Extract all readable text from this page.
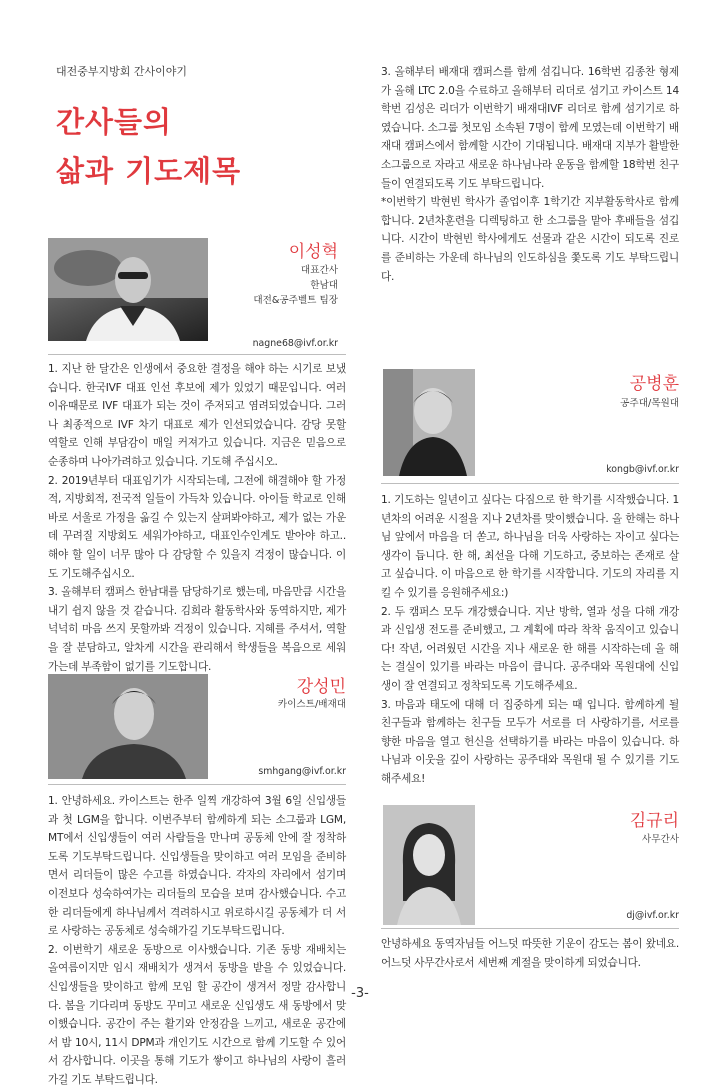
대전중부지방회 간사이야기
간사들의
삶과 기도제목
이성혁
대표간사
한남대
대전&공주벨트 팀장
nagne68@ivf.or.kr

1. 지난 한 달간은 인생에서 중요한 결정을 해야 하는 시기로 보냈습니다. 한국IVF 대표 인선 후보에 제가 있었기 때문입니다. 여러 이유때문로 IVF 대표가 되는 것이 주저되고 염려되었습니다. 그러나 최종적으로 IVF 차기 대표로 제가 인선되었습니다. 감당 못할 역할로 인해 부담감이 매일 커져가고 있습니다. 지금은 믿음으로 순종하며 나아가려하고 있습니다. 기도해 주십시오.

2. 2019년부터 대표임기가 시작되는데, 그전에 해결해야 할 가정적, 지방회적, 전국적 일들이 가득차 있습니다. 아이들 학교로 인해 바로 서울로 가정을 옮길 수 있는지 살펴봐야하고, 제가 없는 가운데 꾸려질 지방회도 세워가야하고, 대표인수인계도 받아야 하고.. 해야 할 일이 너무 많아 다 감당할 수 있을지 걱정이 많습니다. 이도 기도해주십시오.

3. 올해부터 캠퍼스 한남대를 담당하기로 했는데, 마음만큼 시간을 내기 쉽지 않을 것 같습니다. 김희라 활동학사와 동역하지만, 제가 넉넉히 마음 쓰지 못할까봐 걱정이 있습니다. 지혜를 주셔서, 역할을 잘 분담하고, 알차게 시간을 관리해서 학생들을 복음으로 세워 가는데 부족함이 없기를 기도합니다.

강성민
카이스트/배재대
smhgang@ivf.or.kr

1. 안녕하세요. 카이스트는 한주 일찍 개강하여 3월 6일 신입생들과 첫 LGM을 합니다. 이번주부터 함께하게 되는 소그룹과 LGM, MT에서 신입생들이 여러 사람들을 만나며 공동체 안에 잘 정착하도록 기도부탁드립니다. 신입생들을 맞이하고 여러 모임을 준비하면서 리더들이 많은 수고를 하였습니다. 각자의 자리에서 섬기며 이전보다 성숙하여가는 리더들의 모습을 보며 감사했습니다. 수고한 리더들에게 하나님께서 격려하시고 위로하시길 공동체가 더 서로 사랑하는 공동체로 성숙해가길 기도부탁드립니다.

2. 이번학기 새로운 동방으로 이사했습니다. 기존 동방 재배치는 올여름이지만 임시 재배치가 생겨서 동방을 받을 수 있었습니다. 신입생들을 맞이하고 함께 모임 할 공간이 생겨서 정말 감사합니다. 봄을 기다리며 동방도 꾸미고 새로운 신입생도 새 동방에서 맞이했습니다. 공간이 주는 활기와 안정감을 느끼고, 새로운 공간에서 밤 10시, 11시 DPM과 개인기도 시간으로 함께 기도할 수 있어서 감사합니다. 이곳을 통해 기도가 쌓이고 하나님의 사랑이 흘러가길 기도 부탁드립니다.

3. 올해부터 배재대 캠퍼스를 함께 섬깁니다. 16학번 김종찬 형제가 올해 LTC 2.0을 수료하고 올해부터 리더로 섬기고 카이스트 14학번 김성은 리더가 이번학기 배재대IVF 리더로 함께 섬기기로 하였습니다. 소그룹 첫모임 소속된 7명이 함께 모였는데 이번학기 배재대 캠퍼스에서 함께할 시간이 기대됩니다. 배재대 지부가 활발한 소그룹으로 자라고 새로운 하나님나라 운동을 함께할 18학번 친구들이 연결되도록 기도 부탁드립니다.

*이번학기 박현빈 학사가 졸업이후 1학기간 지부활동학사로 함께 합니다. 2년차훈련을 디렉팅하고 한 소그룹을 맡아 후배들을 섬깁니다. 시간이 박현빈 학사에게도 선물과 같은 시간이 되도록 진로를 준비하는 가운데 하나님의 인도하심을 쫓도록 기도 부탁드립니다.

공병훈
공주대/목원대
kongb@ivf.or.kr

1. 기도하는 일년이고 싶다는 다짐으로 한 학기를 시작했습니다. 1년차의 어려운 시절을 지나 2년차를 맞이했습니다. 올 한해는 하나님 앞에서 마음을 더 쏟고, 하나님을 더욱 사랑하는 자이고 싶다는 생각이 듭니다. 한 해, 최선을 다해 기도하고, 중보하는 존재로 살고 싶습니다. 이 마음으로 한 학기를 시작합니다. 기도의 자리를 지킬 수 있기를 응원해주세요:)

2. 두 캠퍼스 모두 개강했습니다. 지난 방학, 열과 성을 다해 개강과 신입생 전도를 준비했고, 그 계획에 따라 착착 움직이고 있습니다! 작년, 어려웠던 시간을 지나 새로운 한 해를 시작하는데 올 해는 결실이 있기를 바라는 마음이 큽니다. 공주대와 목원대에 신입생이 잘 연결되고 정착되도록 기도해주세요.

3. 마음과 태도에 대해 더 집중하게 되는 때 입니다. 함께하게 될 친구들과 함께하는 친구들 모두가 서로를 더 사랑하기를, 서로를 향한 마음을 열고 헌신을 선택하기를 바라는 마음이 있습니다. 하나님과 이웃을 깊이 사랑하는 공주대와 목원대 될 수 있기를 기도해주세요!

김규리
사무간사
dj@ivf.or.kr

안녕하세요 동역자님들 어느덧 따뜻한 기운이 감도는 봄이 왔네요. 어느덧 사무간사로서 세번째 계절을 맞이하게 되었습니다.

-3-
